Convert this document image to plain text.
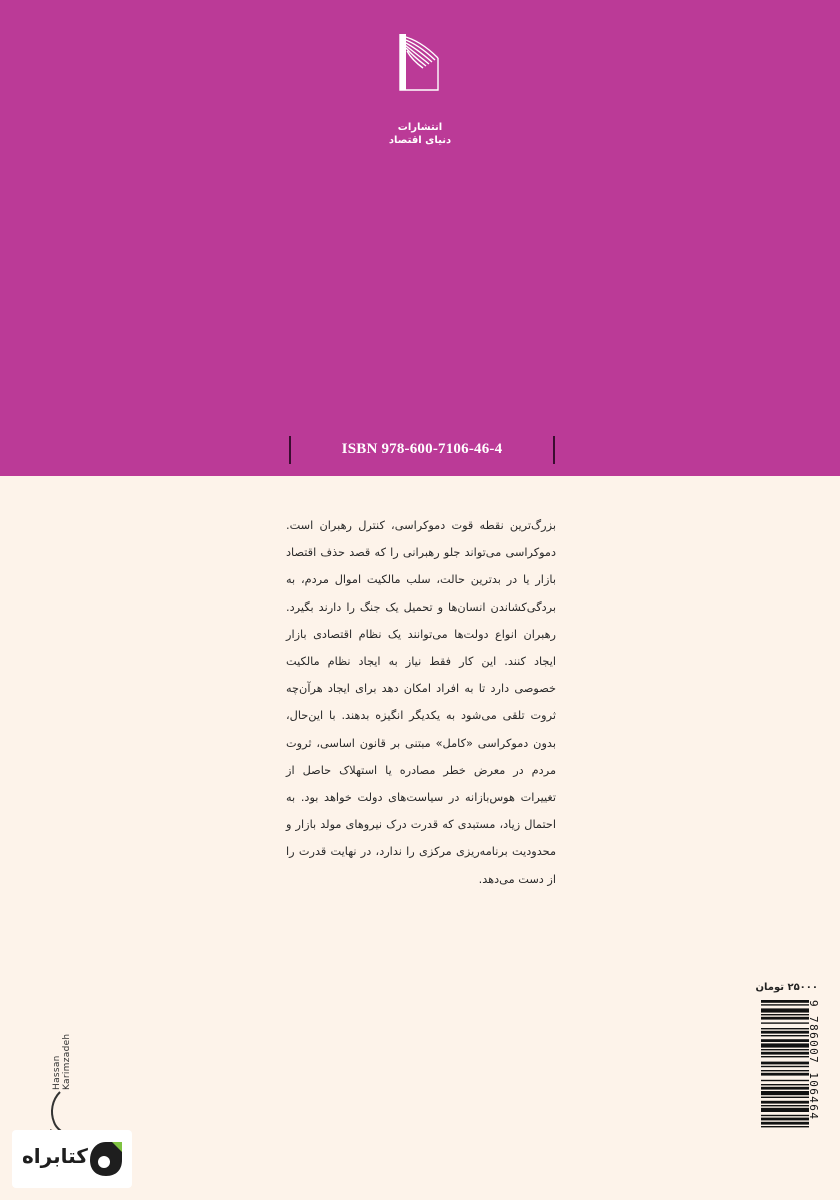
انتشارات
دنیای اقتصاد
ISBN 978-600-7106-46-4
بزرگ‌ترین نقطه قوت دموکراسی، کنترل رهبران است. دموکراسی می‌تواند جلو رهبرانی را که قصد حذف اقتصاد بازار یا در بدترین حالت، سلب مالکیت اموال مردم، به بردگی‌کشاندن انسان‌ها و تحمیل یک جنگ را دارند بگیرد. رهبران انواع دولت‌ها می‌توانند یک نظام اقتصادی بازار ایجاد کنند. این کار فقط نیاز به ایجاد نظام مالکیت خصوصی دارد تا به افراد امکان دهد برای ایجاد هرآن‌چه ثروت تلقی می‌شود به یکدیگر انگیزه بدهند. با این‌حال، بدون دموکراسی «کامل» مبتنی بر قانون اساسی، ثروت مردم در معرض خطر مصادره یا استهلاک حاصل از تغییرات هوس‌بازانه در سیاست‌های دولت خواهد بود. به احتمال زیاد، مستبدی که قدرت درک نیروهای مولد بازار و محدودیت برنامه‌ریزی مرکزی را ندارد، در نهایت قدرت را از دست می‌دهد.
۲۵۰۰۰ تومان
9 786007 106464
Hassan Karimzadeh
کتابراه
